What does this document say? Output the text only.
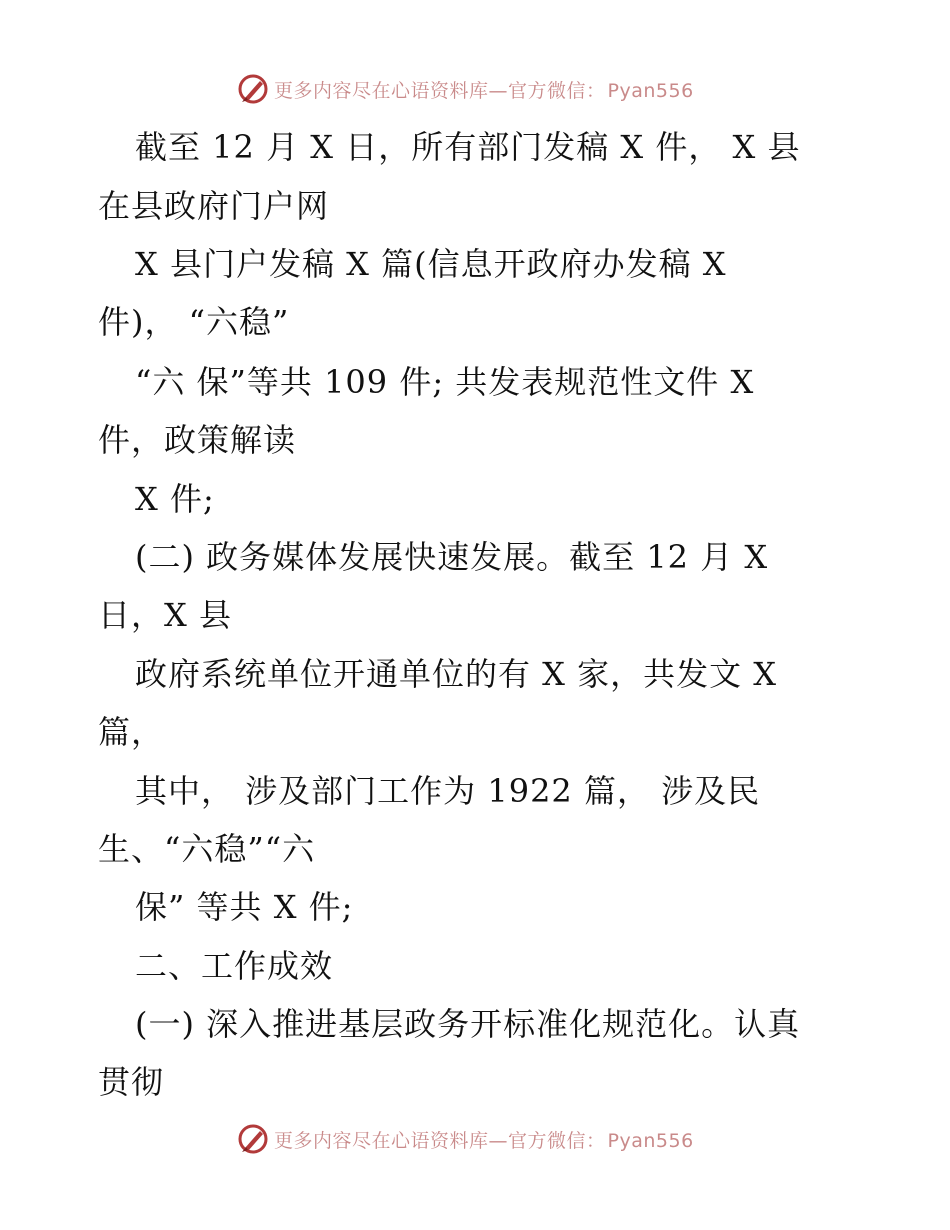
更多内容尽在心语资料库—官方微信： Pyan556
截至 12 月 X 日，所有部门发稿 X 件， X 县
在县政府门户网
X 县门户发稿 X 篇(信息开政府办发稿 X
件)， “六稳”
“六 保”等共 109 件; 共发表规范性文件 X
件，政策解读
X 件;
(二) 政务媒体发展快速发展。截至 12 月 X
日，X 县
政府系统单位开通单位的有 X 家，共发文 X
篇，
其中， 涉及部门工作为 1922 篇， 涉及民
生、“六稳”“六
保” 等共 X 件;
二、工作成效
(一) 深入推进基层政务开标准化规范化。认真
贯彻
更多内容尽在心语资料库—官方微信： Pyan556
